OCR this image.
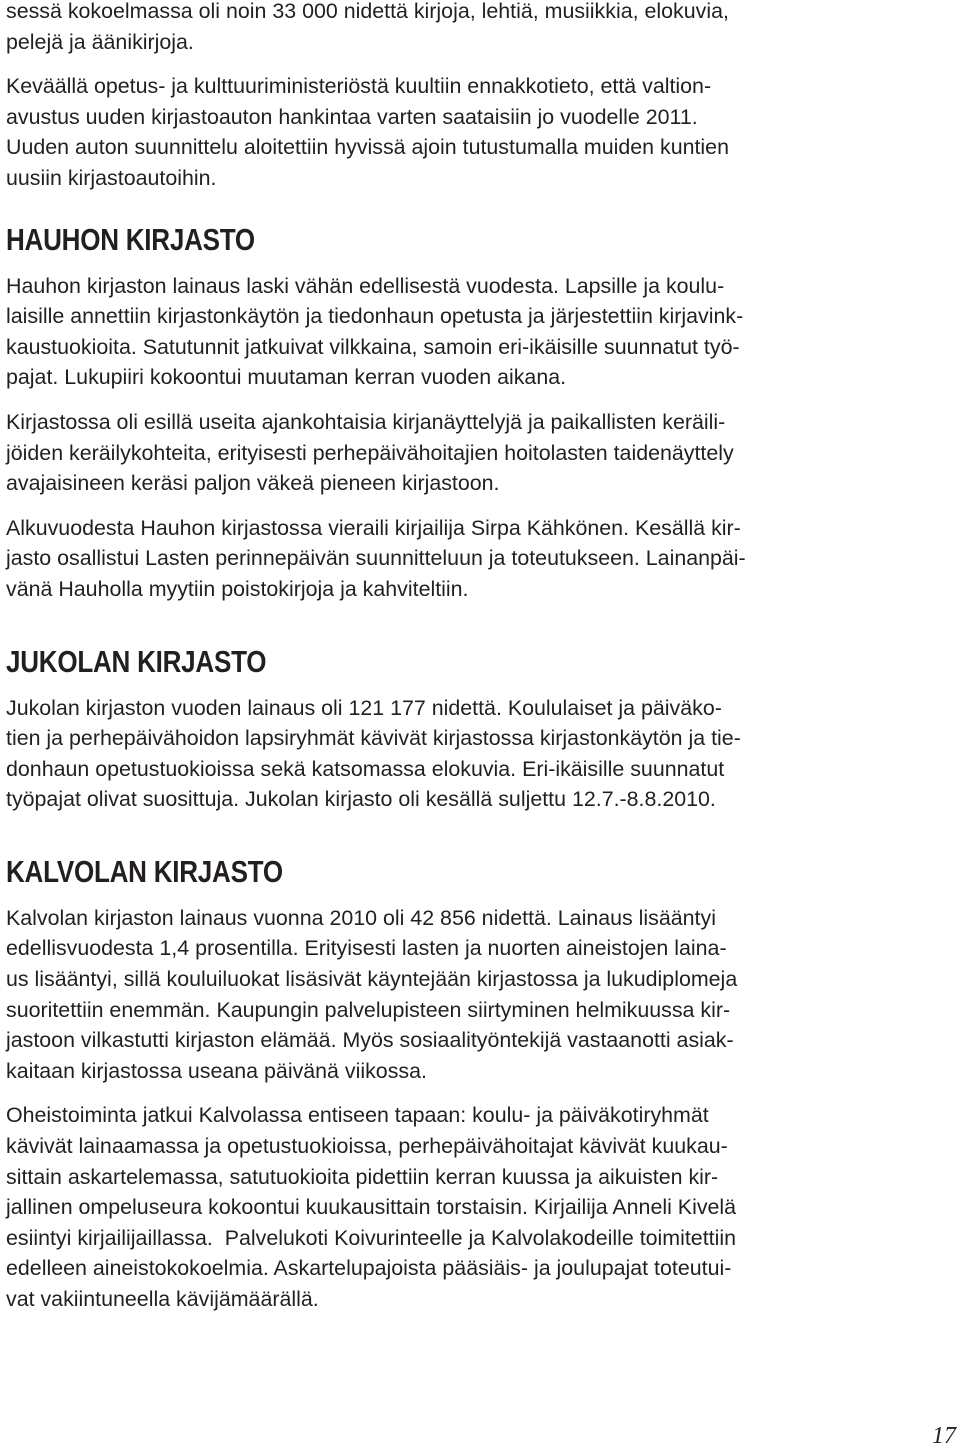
sessä kokoelmassa oli noin 33 000 nidettä kirjoja, lehtiä, musiikkia, elokuvia,
pelejä ja äänikirjoja.

Keväällä opetus- ja kulttuuriministeriöstä kuultiin ennakkotieto, että valtion-
avustus uuden kirjastoauton hankintaa varten saataisiin jo vuodelle 2011.
Uuden auton suunnittelu aloitettiin hyvissä ajoin tutustumalla muiden kuntien
uusiin kirjastoautoihin.

HAUHON KIRJASTO

Hauhon kirjaston lainaus laski vähän edellisestä vuodesta. Lapsille ja koulu-
laisille annettiin kirjastonkäytön ja tiedonhaun opetusta ja järjestettiin kirjavink-
kaustuokioita. Satutunnit jatkuivat vilkkaina, samoin eri-ikäisille suunnatut työ-
pajat. Lukupiiri kokoontui muutaman kerran vuoden aikana.

Kirjastossa oli esillä useita ajankohtaisia kirjanäyttelyjä ja paikallisten keräili-
jöiden keräilykohteita, erityisesti perhepäivähoitajien hoitolasten taidenäyttely
avajaisineen keräsi paljon väkeä pieneen kirjastoon.

Alkuvuodesta Hauhon kirjastossa vieraili kirjailija Sirpa Kähkönen. Kesällä kir-
jasto osallistui Lasten perinnepäivän suunnitteluun ja toteutukseen. Lainanpäi-
vänä Hauholla myytiin poistokirjoja ja kahviteltiin.

JUKOLAN KIRJASTO

Jukolan kirjaston vuoden lainaus oli 121 177 nidettä. Koululaiset ja päiväko-
tien ja perhepäivähoidon lapsiryhmät kävivät kirjastossa kirjastonkäytön ja tie-
donhaun opetustuokioissa sekä katsomassa elokuvia. Eri-ikäisille suunnatut
työpajat olivat suosittuja. Jukolan kirjasto oli kesällä suljettu 12.7.-8.8.2010.

KALVOLAN KIRJASTO

Kalvolan kirjaston lainaus vuonna 2010 oli 42 856 nidettä. Lainaus lisääntyi
edellisvuodesta 1,4 prosentilla. Erityisesti lasten ja nuorten aineistojen laina-
us lisääntyi, sillä kouluiluokat lisäsivät käyntejään kirjastossa ja lukudiplomeja
suoritettiin enemmän. Kaupungin palvelupisteen siirtyminen helmikuussa kir-
jastoon vilkastutti kirjaston elämää. Myös sosiaalityöntekijä vastaanotti asiak-
kaitaan kirjastossa useana päivänä viikossa.

Oheistoiminta jatkui Kalvolassa entiseen tapaan: koulu- ja päiväkotiryhmät
kävivät lainaamassa ja opetustuokioissa, perhepäivähoitajat kävivät kuukau-
sittain askartelemassa, satutuokioita pidettiin kerran kuussa ja aikuisten kir-
jallinen ompeluseura kokoontui kuukausittain torstaisin. Kirjailija Anneli Kivelä
esiintyi kirjailijaillassa.  Palvelukoti Koivurinteelle ja Kalvolakodeille toimitettiin
edelleen aineistokokoelmia. Askartelupajoista pääsiäis- ja joulupajat toteutui-
vat vakiintuneella kävijämäärällä.

17
